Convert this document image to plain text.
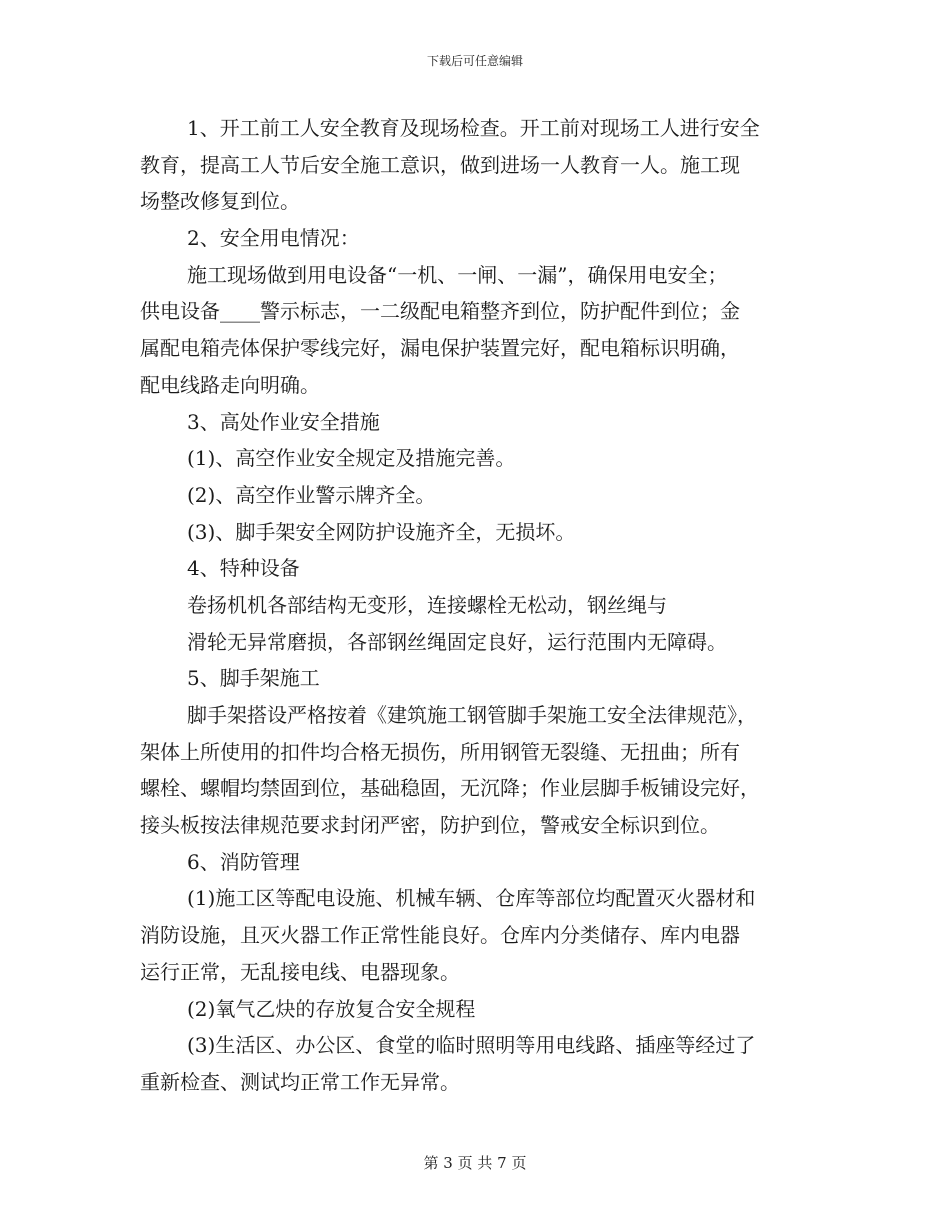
下载后可任意编辑
1、开工前工人安全教育及现场检查。开工前对现场工人进行安全
教育，提高工人节后安全施工意识，做到进场一人教育一人。施工现
场整改修复到位。
2、安全用电情况：
施工现场做到用电设备“一机、一闸、一漏”，确保用电安全；
供电设备____警示标志，一二级配电箱整齐到位，防护配件到位；金
属配电箱壳体保护零线完好，漏电保护装置完好，配电箱标识明确，
配电线路走向明确。
3、高处作业安全措施
(1)、高空作业安全规定及措施完善。
(2)、高空作业警示牌齐全。
(3)、脚手架安全网防护设施齐全，无损坏。
4、特种设备
卷扬机机各部结构无变形，连接螺栓无松动，钢丝绳与
滑轮无异常磨损，各部钢丝绳固定良好，运行范围内无障碍。
5、脚手架施工
脚手架搭设严格按着《建筑施工钢管脚手架施工安全法律规范》，
架体上所使用的扣件均合格无损伤，所用钢管无裂缝、无扭曲；所有
螺栓、螺帽均禁固到位，基础稳固，无沉降；作业层脚手板铺设完好，
接头板按法律规范要求封闭严密，防护到位，警戒安全标识到位。
6、消防管理
(1)施工区等配电设施、机械车辆、仓库等部位均配置灭火器材和
消防设施，且灭火器工作正常性能良好。仓库内分类储存、库内电器
运行正常，无乱接电线、电器现象。
(2)氧气乙炔的存放复合安全规程
(3)生活区、办公区、食堂的临时照明等用电线路、插座等经过了
重新检查、测试均正常工作无异常。
第 3 页 共 7 页
